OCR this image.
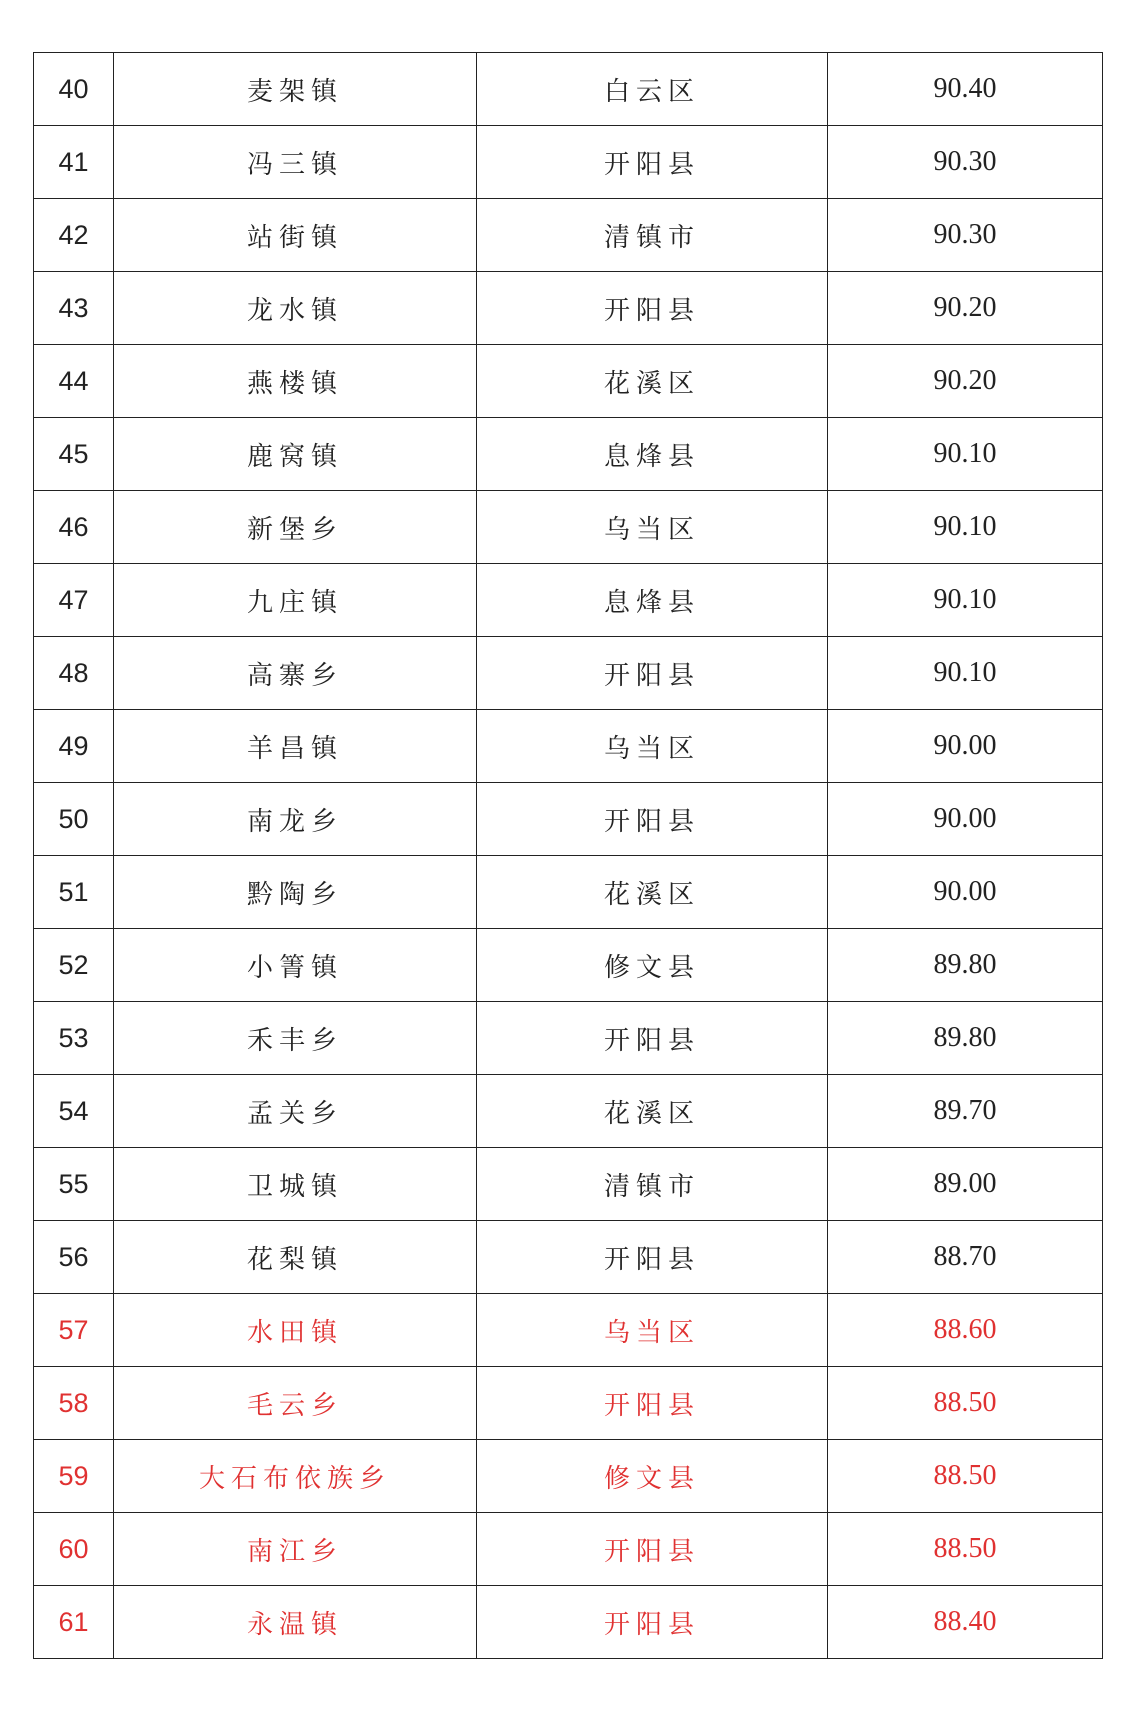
40	麦架镇	白云区	90.40
41	冯三镇	开阳县	90.30
42	站街镇	清镇市	90.30
43	龙水镇	开阳县	90.20
44	燕楼镇	花溪区	90.20
45	鹿窝镇	息烽县	90.10
46	新堡乡	乌当区	90.10
47	九庄镇	息烽县	90.10
48	高寨乡	开阳县	90.10
49	羊昌镇	乌当区	90.00
50	南龙乡	开阳县	90.00
51	黔陶乡	花溪区	90.00
52	小箐镇	修文县	89.80
53	禾丰乡	开阳县	89.80
54	孟关乡	花溪区	89.70
55	卫城镇	清镇市	89.00
56	花梨镇	开阳县	88.70
57	水田镇	乌当区	88.60
58	毛云乡	开阳县	88.50
59	大石布依族乡	修文县	88.50
60	南江乡	开阳县	88.50
61	永温镇	开阳县	88.40
